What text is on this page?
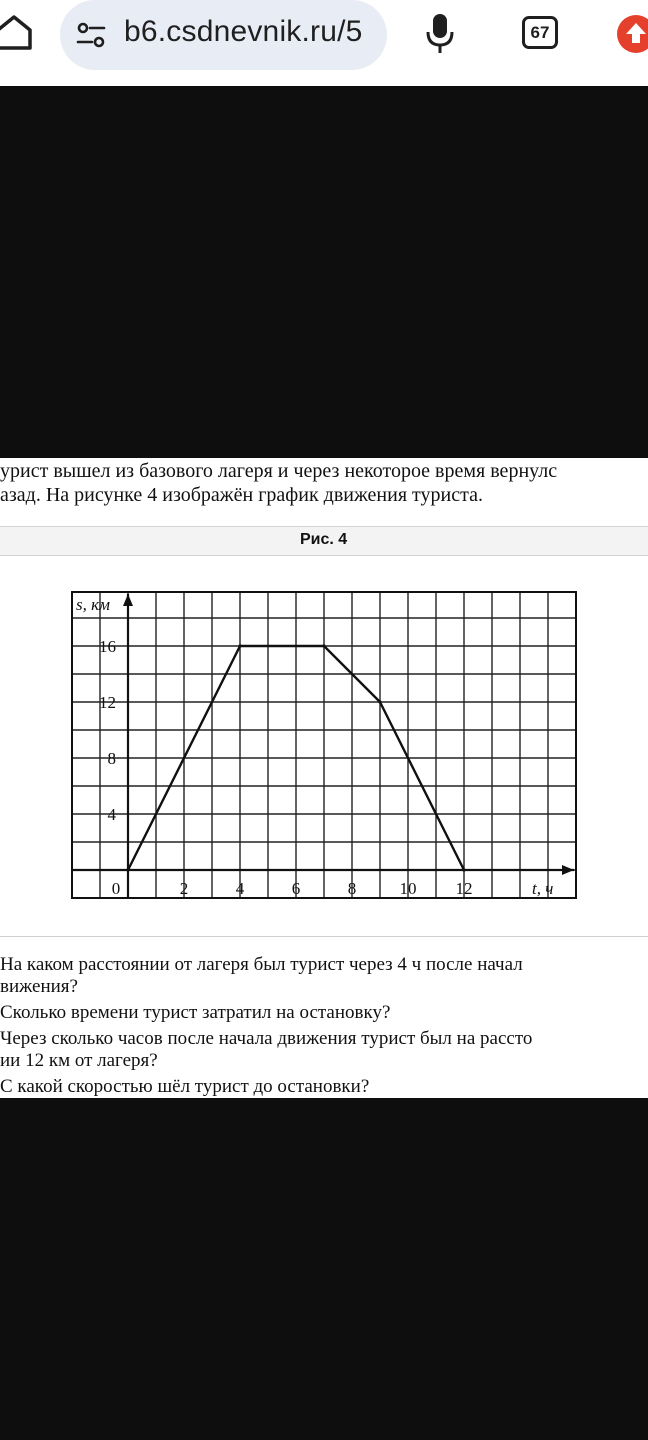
b6.csdnevnik.ru/5	67
урист вышел из базового лагеря и через некоторое время вернулс
азад. На рисунке 4 изображён график движения туриста.
Рис. 4
0	2	4	6	8	10 12
4
8
12
16
s, км
t, ч
На каком расстоянии от лагеря был турист через 4 ч после начал
вижения?
Сколько времени турист затратил на остановку?
Через сколько часов после начала движения турист был на рассто
ии 12 км от лагеря?
С какой скоростью шёл турист до остановки?
